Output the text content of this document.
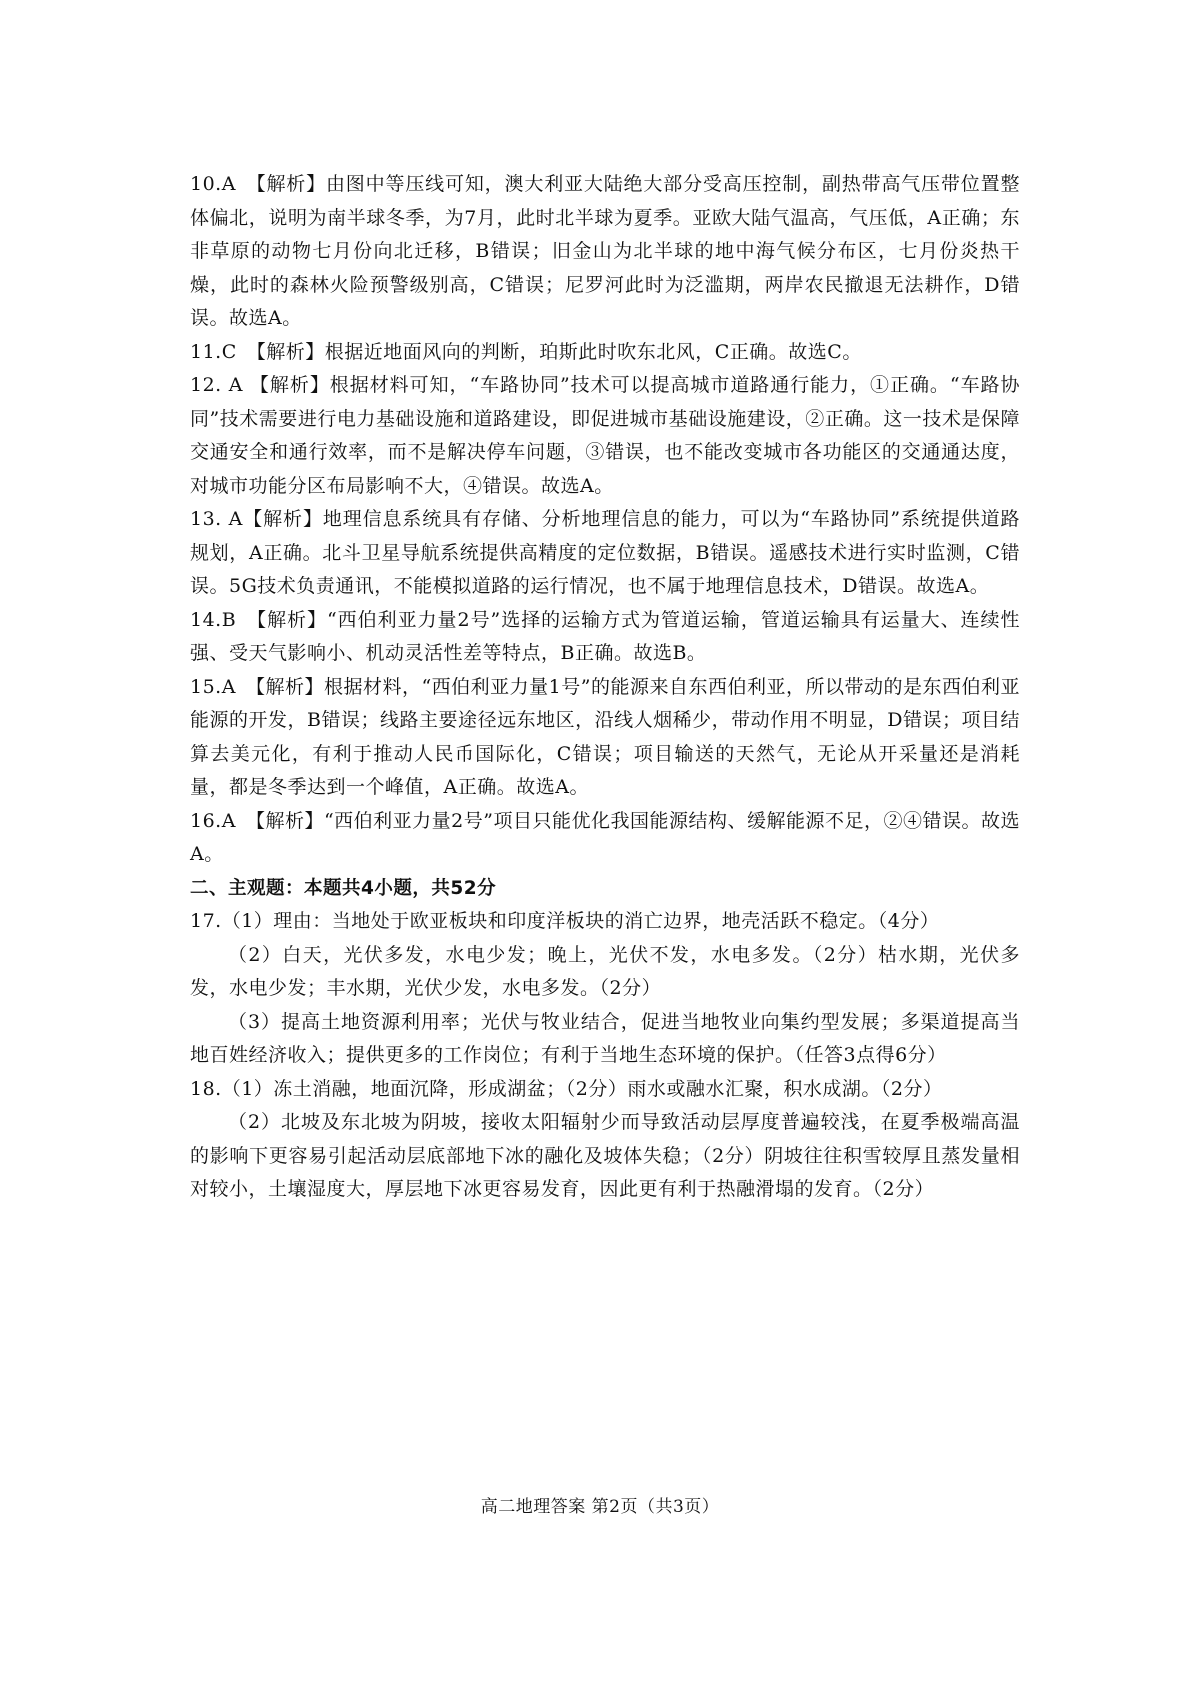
10.A　【解析】由图中等压线可知，澳大利亚大陆绝大部分受高压控制，副热带高气压带位置整体偏北，说明为南半球冬季，为7月，此时北半球为夏季。亚欧大陆气温高，气压低，A正确；东非草原的动物七月份向北迁移，B错误；旧金山为北半球的地中海气候分布区，七月份炎热干燥，此时的森林火险预警级别高，C错误；尼罗河此时为泛滥期，两岸农民撤退无法耕作，D错误。故选A。

11.C　【解析】根据近地面风向的判断，珀斯此时吹东北风，C正确。故选C。

12. A 【解析】根据材料可知，“车路协同”技术可以提高城市道路通行能力，①正确。“车路协同”技术需要进行电力基础设施和道路建设，即促进城市基础设施建设，②正确。这一技术是保障交通安全和通行效率，而不是解决停车问题，③错误，也不能改变城市各功能区的交通通达度，对城市功能分区布局影响不大，④错误。故选A。

13. A【解析】地理信息系统具有存储、分析地理信息的能力，可以为“车路协同”系统提供道路规划，A正确。北斗卫星导航系统提供高精度的定位数据，B错误。遥感技术进行实时监测，C错误。5G技术负责通讯，不能模拟道路的运行情况，也不属于地理信息技术，D错误。故选A。

14.B　【解析】“西伯利亚力量2号”选择的运输方式为管道运输，管道运输具有运量大、连续性强、受天气影响小、机动灵活性差等特点，B正确。故选B。

15.A　【解析】根据材料，“西伯利亚力量1号”的能源来自东西伯利亚，所以带动的是东西伯利亚能源的开发，B错误；线路主要途径远东地区，沿线人烟稀少，带动作用不明显，D错误；项目结算去美元化，有利于推动人民币国际化，C错误；项目输送的天然气，无论从开采量还是消耗量，都是冬季达到一个峰值，A正确。故选A。

16.A　【解析】“西伯利亚力量2号”项目只能优化我国能源结构、缓解能源不足，②④错误。故选A。

二、主观题：本题共4小题，共52分

17.（1）理由：当地处于欧亚板块和印度洋板块的消亡边界，地壳活跃不稳定。（4分）

（2）白天，光伏多发，水电少发；晚上，光伏不发，水电多发。（2分）枯水期，光伏多发，水电少发；丰水期，光伏少发，水电多发。（2分）

（3）提高土地资源利用率；光伏与牧业结合，促进当地牧业向集约型发展；多渠道提高当地百姓经济收入；提供更多的工作岗位；有利于当地生态环境的保护。（任答3点得6分）

18.（1）冻土消融，地面沉降，形成湖盆；（2分）雨水或融水汇聚，积水成湖。（2分）

（2）北坡及东北坡为阴坡，接收太阳辐射少而导致活动层厚度普遍较浅，在夏季极端高温的影响下更容易引起活动层底部地下冰的融化及坡体失稳；（2分）阴坡往往积雪较厚且蒸发量相对较小，土壤湿度大，厚层地下冰更容易发育，因此更有利于热融滑塌的发育。（2分）

高二地理答案 第2页（共3页）
